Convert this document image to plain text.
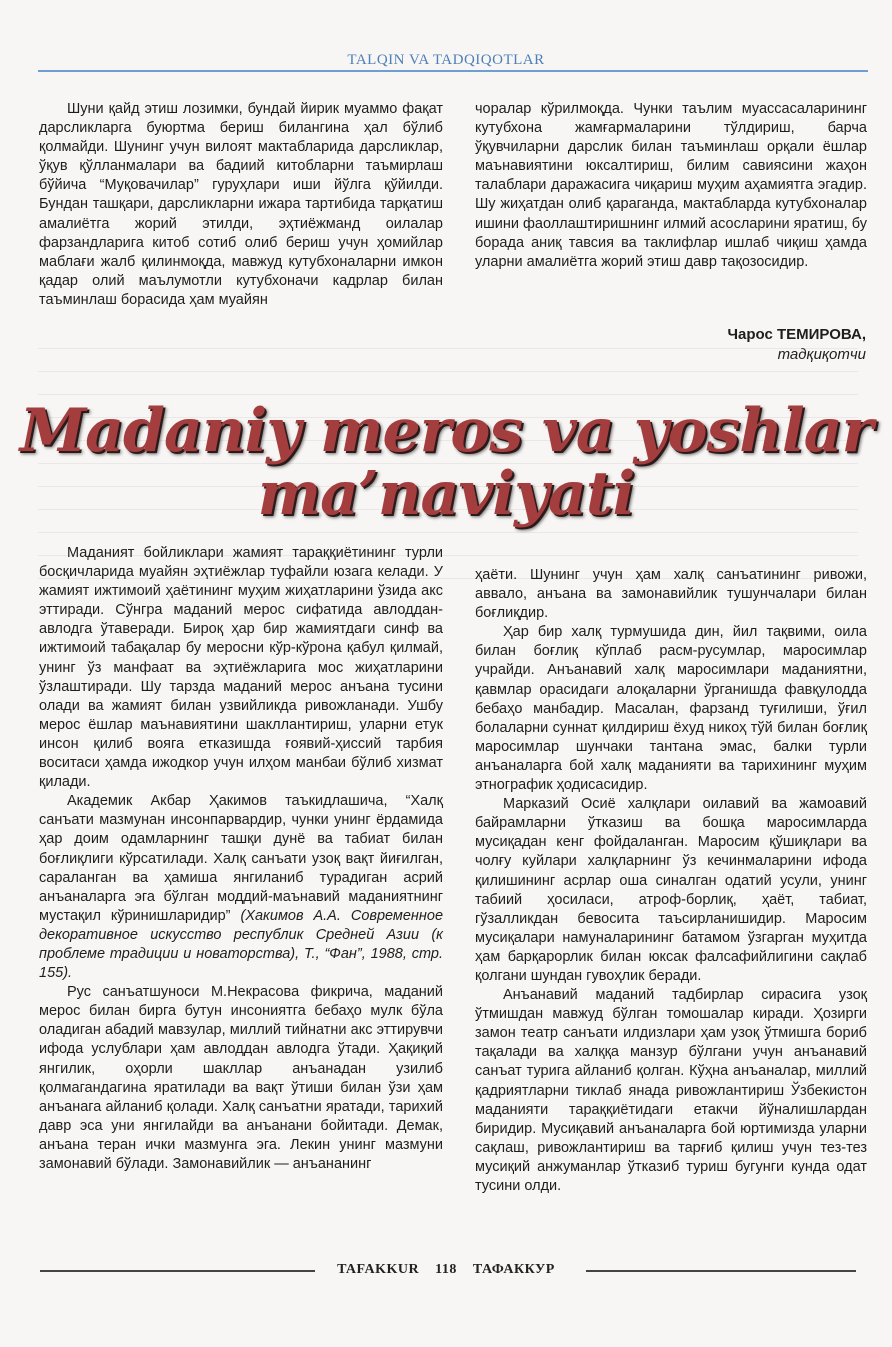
TALQIN VA TADQIQOTLAR

Шуни қайд этиш лозимки, бундай йирик муаммо фақат дарсликларга буюртма бериш билангина ҳал бўлиб қолмайди. Шунинг учун вилоят мактабларида дарсликлар, ўқув қўлланмалари ва бадиий китобларни таъмирлаш бўйича “Муқовачилар” гуруҳлари иши йўлга қўйилди. Бундан ташқари, дарсликларни ижара тартибида тарқатиш амалиётга жорий этилди, эҳтиёжманд оилалар фарзандларига китоб сотиб олиб бериш учун ҳомийлар маблағи жалб қилинмоқда, мавжуд кутубхоналарни имкон қадар олий маълумотли кутубхоначи кадрлар билан таъминлаш борасида ҳам муайян

чоралар кўрилмоқда. Чунки таълим муассасаларининг кутубхона жамғармаларини тўлдириш, барча ўқувчиларни дарслик билан таъминлаш орқали ёшлар маънавиятини юксалтириш, билим савиясини жаҳон талаблари даражасига чиқариш муҳим аҳамиятга эгадир. Шу жиҳатдан олиб қараганда, мактабларда кутубхоналар ишини фаоллаштиришнинг илмий асосларини яратиш, бу борада аниқ тавсия ва таклифлар ишлаб чиқиш ҳамда уларни амалиётга жорий этиш давр тақозосидир.

Чарос ТЕМИРОВА,
тадқиқотчи
Madaniy meros va yoshlar
ma’naviyati

Маданият бойликлари жамият тараққиётининг турли босқичларида муайян эҳтиёжлар туфайли юзага келади. У жамият ижтимоий ҳаётининг муҳим жиҳатларини ўзида акс эттиради. Сўнгра маданий мерос сифатида авлоддан-авлодга ўтаверади. Бироқ ҳар бир жамиятдаги синф ва ижтимоий табақалар бу меросни кўр-кўрона қабул қилмай, унинг ўз манфаат ва эҳтиёжларига мос жиҳатларини ўзлаштиради. Шу тарзда маданий мерос анъана тусини олади ва жамият билан узвийликда ривожланади. Ушбу мерос ёшлар маънавиятини шакллантириш, уларни етук инсон қилиб вояга етказишда ғоявий-ҳиссий тарбия воситаси ҳамда ижодкор учун илҳом манбаи бўлиб хизмат қилади.

Академик Акбар Ҳакимов таъкидлашича, “Халқ санъати мазмунан инсонпарвардир, чунки унинг ёрдамида ҳар доим одамларнинг ташқи дунё ва табиат билан боғлиқлиги кўрсатилади. Халқ санъати узоқ вақт йиғилган, саралангaн ва ҳамиша янгиланиб турадиган асрий анъаналарга эга бўлган моддий-маънавий маданиятнинг мустақил кўринишларидир” (Хакимов А.А. Современное декоративное искусство республик Средней Азии (к проблеме традиции и новаторства), Т., “Фан”, 1988, стр. 155).

Рус санъатшуноси М.Некрасова фикрича, маданий мерос билан бирга бутун инсониятга бебаҳо мулк бўла оладиган абадий мавзулар, миллий тийнатни акс эттирувчи ифода услублари ҳам авлоддан авлодга ўтади. Ҳақиқий янгилик, оҳорли шакллар анъанадан узилиб қолмагандагина яратилади ва вақт ўтиши билан ўзи ҳам анъанага айланиб қолади. Халқ санъатни яратади, тарихий давр эса уни янгилайди ва анъанани бойитади. Демак, анъана теран ички мазмунга эга. Лекин унинг мазмуни замонавий бўлади. Замонавийлик — анъананинг

ҳаёти. Шунинг учун ҳам халқ санъатининг ривожи, аввало, анъана ва замонавийлик тушунчалари билан боғлиқдир.

Ҳар бир халқ турмушида дин, йил тақвими, оила билан боғлиқ кўплаб расм-русумлар, маросимлар учрайди. Анъанавий халқ маросимлари маданиятни, қавмлар орасидаги алоқаларни ўрганишда фавқулодда бебаҳо манбадир. Масалан, фарзанд туғилиши, ўғил болаларни суннат қилдириш ёхуд никоҳ тўй билан боғлиқ маросимлар шунчаки тантана эмас, балки турли анъаналарга бой халқ маданияти ва тарихининг муҳим этнографик ҳодисасидир.

Марказий Осиё халқлари оилавий ва жамоавий байрамларни ўтказиш ва бошқа маросимларда мусиқадан кенг фойдаланган. Маросим қўшиқлари ва чолғу куйлари халқларнинг ўз кечинмаларини ифода қилишининг асрлар оша синалган одатий усули, унинг табиий ҳосиласи, атроф-борлиқ, ҳаёт, табиат, гўзалликдан бевосита таъсирланишидир. Маросим мусиқалари намуналарининг батамом ўзгарган муҳитда ҳам барқарорлик билан юксак фалсафийлигини сақлаб қолгани шундан гувоҳлик беради.

Анъанавий маданий тадбирлар сирасига узоқ ўтмишдан мавжуд бўлган томошалар киради. Ҳозирги замон театр санъати илдизлари ҳам узоқ ўтмишга бориб тақалади ва халққа манзур бўлгани учун анъанавий санъат турига айланиб қолган. Кўҳна анъаналар, миллий қадриятларни тиклаб янада ривожлантириш Ўзбекистон маданияти тараққиётидаги етакчи йўналишлардан биридир. Мусиқавий анъаналарга бой юртимизда уларни сақлаш, ривожлантириш ва тарғиб қилиш учун тез-тез мусиқий анжуманлар ўтказиб туриш бугунги кунда одат тусини олди.

TAFAKKUR 118 ТАФАККУР
